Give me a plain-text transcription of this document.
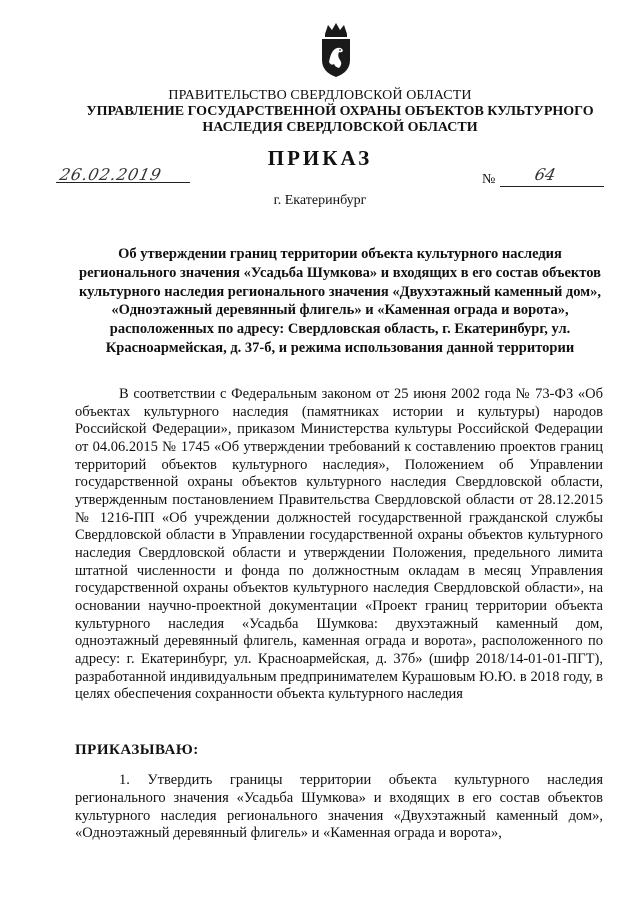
ПРАВИТЕЛЬСТВО СВЕРДЛОВСКОЙ ОБЛАСТИ
УПРАВЛЕНИЕ ГОСУДАРСТВЕННОЙ ОХРАНЫ ОБЪЕКТОВ КУЛЬТУРНОГО НАСЛЕДИЯ СВЕРДЛОВСКОЙ ОБЛАСТИ
ПРИКАЗ
26.02.2019	№ 64
г. Екатеринбург
Об утверждении границ территории объекта культурного наследия регионального значения «Усадьба Шумкова» и входящих в его состав объектов культурного наследия регионального значения «Двухэтажный каменный дом», «Одноэтажный деревянный флигель» и «Каменная ограда и ворота», расположенных по адресу: Свердловская область, г. Екатеринбург, ул. Красноармейская, д. 37-б, и режима использования данной территории
В соответствии с Федеральным законом от 25 июня 2002 года № 73-ФЗ «Об объектах культурного наследия (памятниках истории и культуры) народов Российской Федерации», приказом Министерства культуры Российской Федерации от 04.06.2015 № 1745 «Об утверждении требований к составлению проектов границ территорий объектов культурного наследия», Положением об Управлении государственной охраны объектов культурного наследия Свердловской области, утвержденным постановлением Правительства Свердловской области от 28.12.2015 № 1216-ПП «Об учреждении должностей государственной гражданской службы Свердловской области в Управлении государственной охраны объектов культурного наследия Свердловской области и утверждении Положения, предельного лимита штатной численности и фонда по должностным окладам в месяц Управления государственной охраны объектов культурного наследия Свердловской области», на основании научно-проектной документации «Проект границ территории объекта культурного наследия «Усадьба Шумкова: двухэтажный каменный дом, одноэтажный деревянный флигель, каменная ограда и ворота», расположенного по адресу: г. Екатеринбург, ул. Красноармейская, д. 37б» (шифр 2018/14-01-01-ПГТ), разработанной индивидуальным предпринимателем Курашовым Ю.Ю. в 2018 году, в целях обеспечения сохранности объекта культурного наследия
ПРИКАЗЫВАЮ:
1. Утвердить границы территории объекта культурного наследия регионального значения «Усадьба Шумкова» и входящих в его состав объектов культурного наследия регионального значения «Двухэтажный каменный дом», «Одноэтажный деревянный флигель» и «Каменная ограда и ворота»,
